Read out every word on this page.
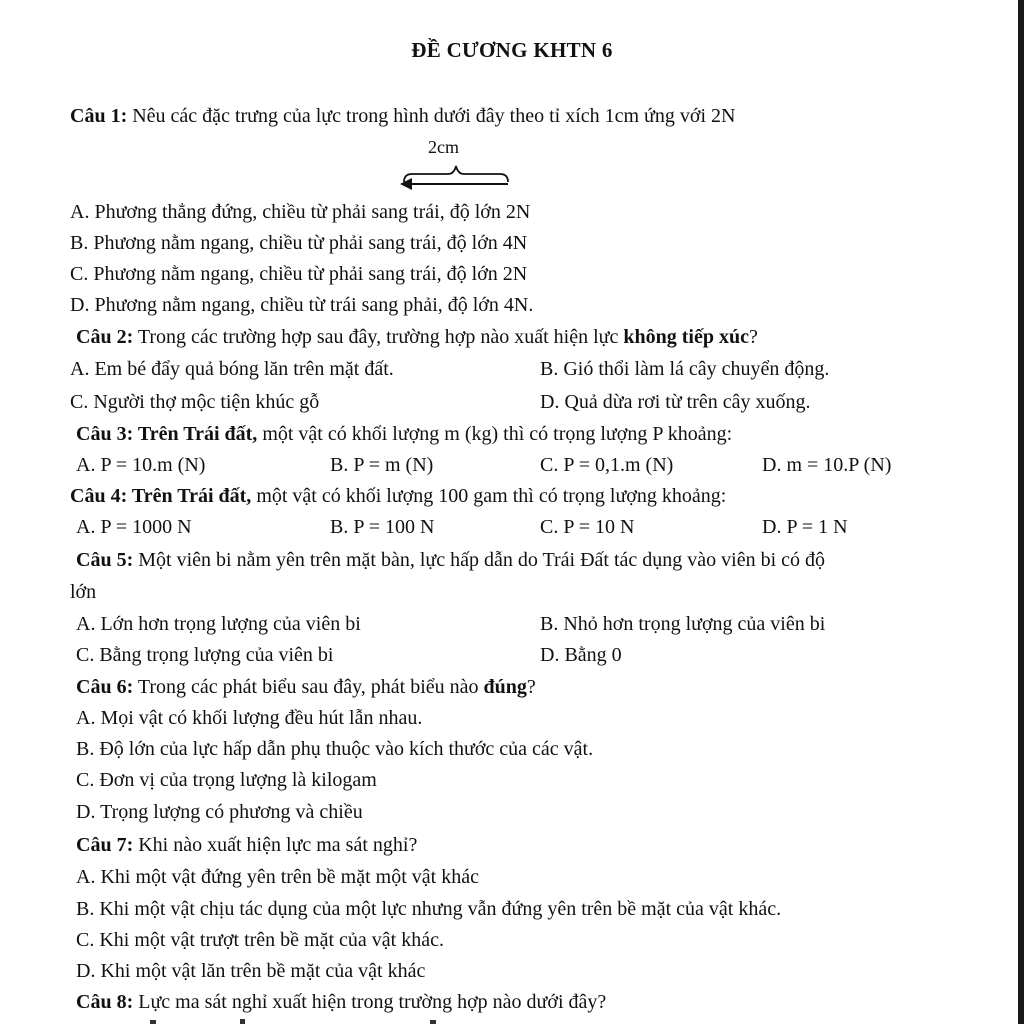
ĐỀ CƯƠNG KHTN 6
Câu 1: Nêu các đặc trưng của lực trong hình dưới đây theo tỉ xích 1cm ứng với 2N
2cm
A. Phương thẳng đứng, chiều từ phải sang trái, độ lớn 2N
B. Phương nằm ngang, chiều từ phải sang trái, độ lớn 4N
C. Phương nằm ngang, chiều từ phải sang trái, độ lớn 2N
D. Phương nằm ngang, chiều từ trái sang phải, độ lớn 4N.
Câu 2: Trong các trường hợp sau đây, trường hợp nào xuất hiện lực không tiếp xúc?
A. Em bé đẩy quả bóng lăn trên mặt đất.	B. Gió thổi làm lá cây chuyển động.
C. Người thợ mộc tiện khúc gỗ	D. Quả dừa rơi từ trên cây xuống.
Câu 3: Trên Trái đất, một vật có khối lượng m (kg) thì có trọng lượng P khoảng:
A. P = 10.m (N)	B. P = m (N)	C. P = 0,1.m (N)	D. m = 10.P (N)
Câu 4: Trên Trái đất, một vật có khối lượng 100 gam thì có trọng lượng khoảng:
A. P = 1000 N	B. P = 100 N	C. P = 10 N	D. P = 1 N
Câu 5: Một viên bi nằm yên trên mặt bàn, lực hấp dẫn do Trái Đất tác dụng vào viên bi có độ
lớn
A. Lớn hơn trọng lượng của viên bi	B. Nhỏ hơn trọng lượng của viên bi
C. Bằng trọng lượng của viên bi	D. Bằng 0
Câu 6: Trong các phát biểu sau đây, phát biểu nào đúng?
A. Mọi vật có khối lượng đều hút lẫn nhau.
B. Độ lớn của lực hấp dẫn phụ thuộc vào kích thước của các vật.
C. Đơn vị của trọng lượng là kilogam
D. Trọng lượng có phương và chiều
Câu 7: Khi nào xuất hiện lực ma sát nghỉ?
A. Khi một vật đứng yên trên bề mặt một vật khác
B. Khi một vật chịu tác dụng của một lực nhưng vẫn đứng yên trên bề mặt của vật khác.
C. Khi một vật trượt trên bề mặt của vật khác.
D. Khi một vật lăn trên bề mặt của vật khác
Câu 8: Lực ma sát nghỉ xuất hiện trong trường hợp nào dưới đây?
